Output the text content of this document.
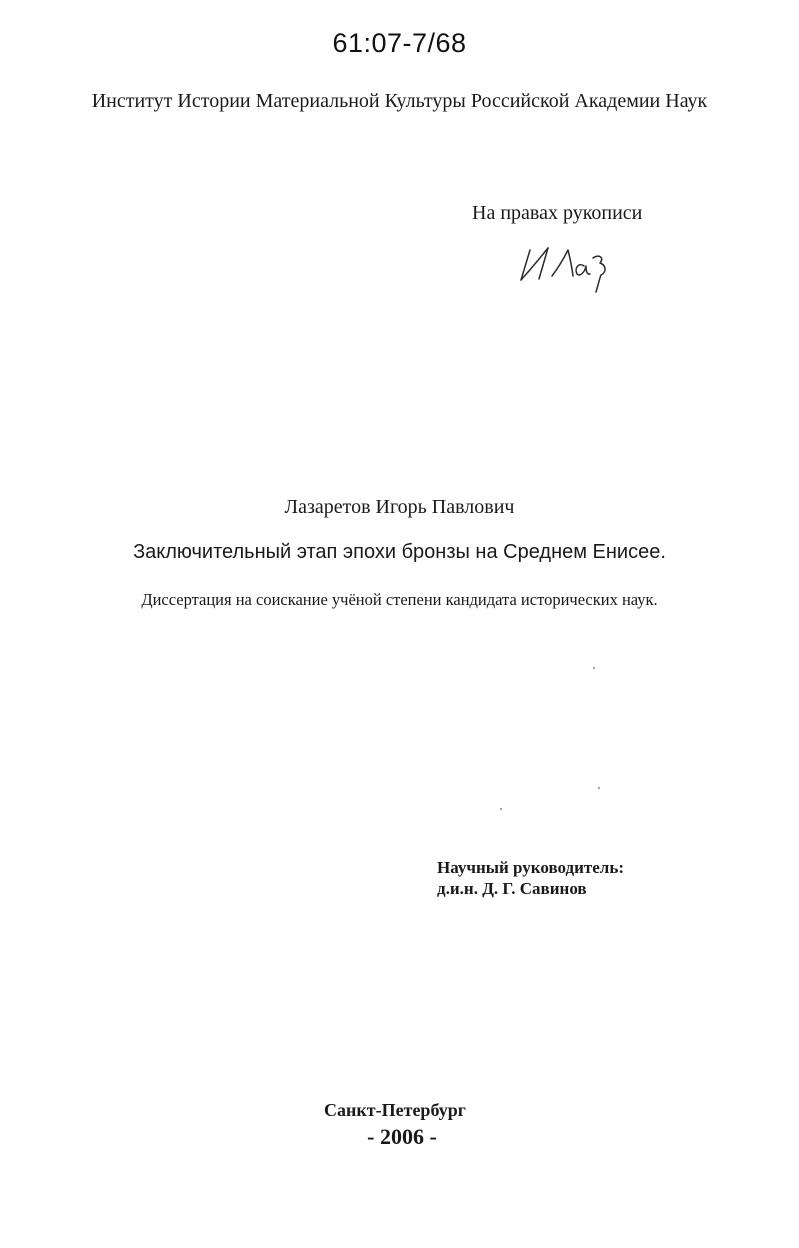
61:07-7/68
Институт Истории Материальной Культуры Российской Академии Наук
На правах рукописи
Лазаретов Игорь Павлович
Заключительный этап эпохи бронзы на Среднем Енисее.
Диссертация на соискание учёной степени кандидата исторических наук.
Научный руководитель:
д.и.н. Д. Г. Савинов
Санкт-Петербург
- 2006 -
